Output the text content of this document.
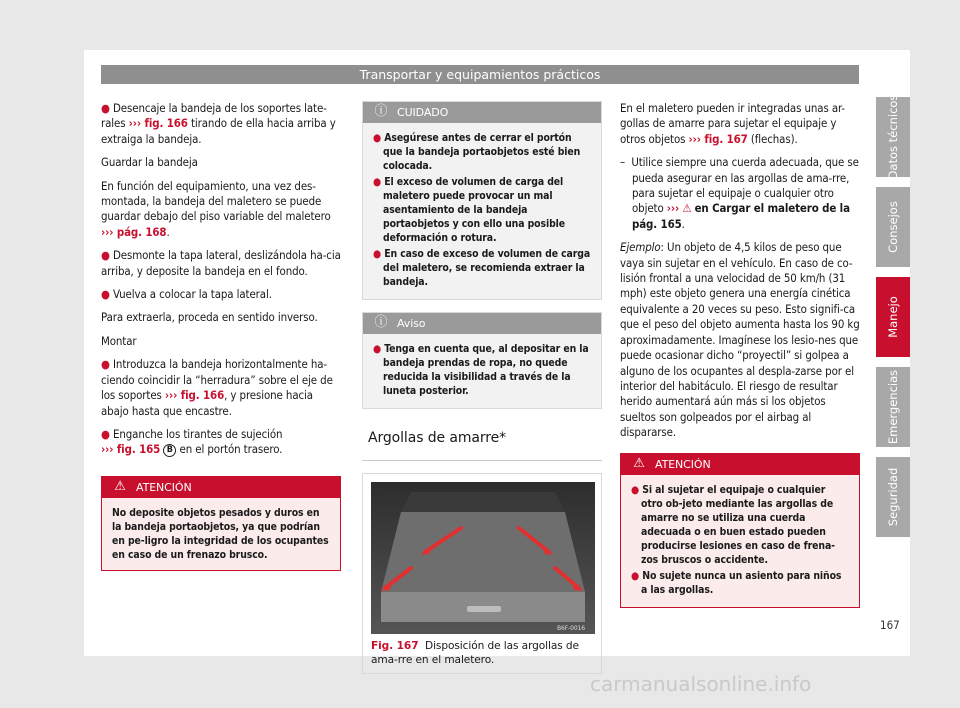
Transportar y equipamientos prácticos

● Desencaje la bandeja de los soportes late-rales ››› fig. 166 tirando de ella hacia arriba y extraiga la bandeja.

Guardar la bandeja

En función del equipamiento, una vez des-montada, la bandeja del maletero se puede guardar debajo del piso variable del maletero
››› pág. 168.

● Desmonte la tapa lateral, deslizándola ha-cia arriba, y deposite la bandeja en el fondo.

● Vuelva a colocar la tapa lateral.

Para extraerla, proceda en sentido inverso.

Montar

● Introduzca la bandeja horizontalmente ha-ciendo coincidir la “herradura” sobre el eje de los soportes ››› fig. 166, y presione hacia abajo hasta que encastre.

● Enganche los tirantes de sujeción
››› fig. 165 B en el portón trasero.

⚠ ATENCIÓN
No deposite objetos pesados y duros en la bandeja portaobjetos, ya que podrían en pe-ligro la integridad de los ocupantes en caso de un frenazo brusco.
ⓘ CUIDADO
● Asegúrese antes de cerrar el portón que la bandeja portaobjetos esté bien colocada.
● El exceso de volumen de carga del maletero puede provocar un mal asentamiento de la bandeja portaobjetos y con ello una posible deformación o rotura.
● En caso de exceso de volumen de carga del maletero, se recomienda extraer la bandeja.
ⓘ Aviso
● Tenga en cuenta que, al depositar en la bandeja prendas de ropa, no quede reducida la visibilidad a través de la luneta posterior.
Argollas de amarre*
B6F-0016
Fig. 167 Disposición de las argollas de ama-rre en el maletero.

En el maletero pueden ir integradas unas ar-gollas de amarre para sujetar el equipaje y otros objetos ››› fig. 167 (flechas).

–  Utilice siempre una cuerda adecuada, que se pueda asegurar en las argollas de ama-rre, para sujetar el equipaje o cualquier otro objeto ››› ⚠ en Cargar el maletero de la pág. 165.

Ejemplo: Un objeto de 4,5 kilos de peso que vaya sin sujetar en el vehículo. En caso de co-lisión frontal a una velocidad de 50 km/h (31 mph) este objeto genera una energía cinética equivalente a 20 veces su peso. Esto signifi-ca que el peso del objeto aumenta hasta los 90 kg aproximadamente. Imagínese los lesio-nes que puede ocasionar dicho “proyectil” si golpea a alguno de los ocupantes al despla-zarse por el interior del habitáculo. El riesgo de resultar herido aumentará aún más si los objetos sueltos son golpeados por el airbag al dispararse.

⚠ ATENCIÓN
● Si al sujetar el equipaje o cualquier otro ob-jeto mediante las argollas de amarre no se utiliza una cuerda adecuada o en buen estado pueden producirse lesiones en caso de frena-zos bruscos o accidente.
● No sujete nunca un asiento para niños a las argollas.
Datos técnicos
Consejos
Manejo
Emergencias
Seguridad
167
carmanualsonline.info
